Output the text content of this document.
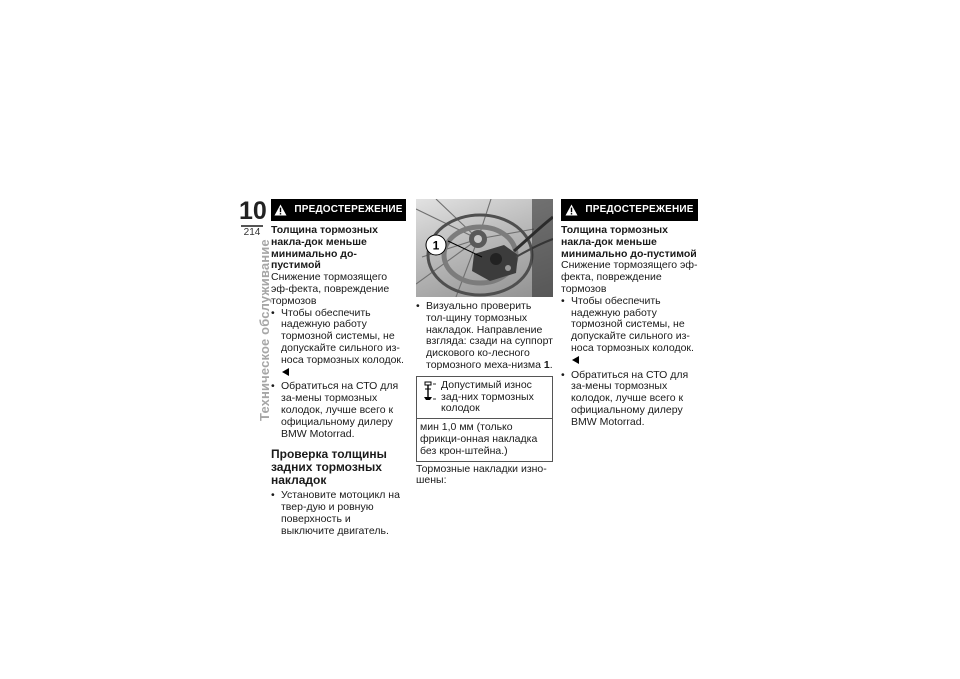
10
214
Техническое обслуживание
ПРЕДОСТЕРЕЖЕНИЕ
Толщина тормозных накла-док меньше минимально до-пустимой
Снижение тормозящего эф-фекта, повреждение тормозов
• Чтобы обеспечить надежную работу тормозной системы, не допускайте сильного из-носа тормозных колодок.
• Обратиться на СТО для за-мены тормозных колодок, лучше всего к официальному дилеру BMW Motorrad.
Проверка толщины задних тормозных накладок
• Установите мотоцикл на твер-дую и ровную поверхность и выключите двигатель.
1
• Визуально проверить тол-щину тормозных накладок. Направление взгляда: сзади на суппорт дискового ко-лесного тормозного меха-низма 1.
Допустимый износ зад-них тормозных колодок
мин 1,0 мм (только фрикци-онная накладка без крон-штейна.)
Тормозные накладки изно-шены:
ПРЕДОСТЕРЕЖЕНИЕ
Толщина тормозных накла-док меньше минимально до-пустимой
Снижение тормозящего эф-фекта, повреждение тормозов
• Чтобы обеспечить надежную работу тормозной системы, не допускайте сильного из-носа тормозных колодок.
• Обратиться на СТО для за-мены тормозных колодок, лучше всего к официальному дилеру BMW Motorrad.
